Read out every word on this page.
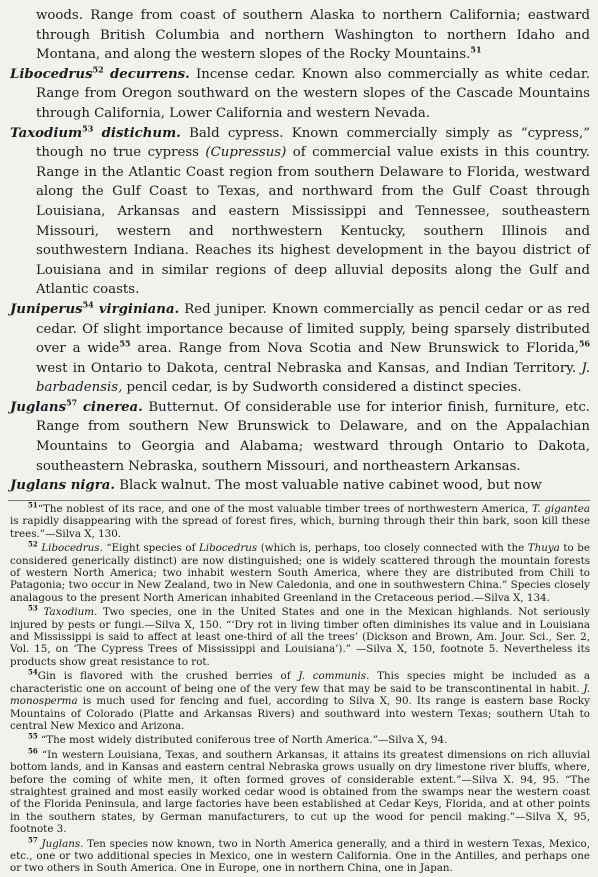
woods. Range from coast of southern Alaska to northern California; eastward through British Columbia and northern Washington to northern Idaho and Montana, and along the western slopes of the Rocky Mountains.$^{51}$

Libocedrus$^{52}$ decurrens. Incense cedar. Known also commercially as white cedar. Range from Oregon southward on the western slopes of the Cascade Mountains through California, Lower California and western Nevada.

Taxodium$^{53}$ distichum. Bald cypress. Known commercially simply as “cypress,” though no true cypress (Cupressus) of commercial value exists in this country. Range in the Atlantic Coast region from southern Delaware to Florida, westward along the Gulf Coast to Texas, and northward from the Gulf Coast through Louisiana, Arkansas and eastern Mississippi and Tennessee, southeastern Missouri, western and northwestern Kentucky, southern Illinois and southwestern Indiana. Reaches its highest development in the bayou district of Louisiana and in similar regions of deep alluvial deposits along the Gulf and Atlantic coasts.

Juniperus$^{54}$ virginiana. Red juniper. Known commercially as pencil cedar or as red cedar. Of slight importance because of limited supply, being sparsely distributed over a wide$^{55}$ area. Range from Nova Scotia and New Brunswick to Florida,$^{56}$ west in Ontario to Dakota, central Nebraska and Kansas, and Indian Territory. J. barbadensis, pencil cedar, is by Sudworth considered a distinct species.

Juglans$^{57}$ cinerea. Butternut. Of considerable use for interior finish, furniture, etc. Range from southern New Brunswick to Delaware, and on the Appalachian Mountains to Georgia and Alabama; westward through Ontario to Dakota, southeastern Nebraska, southern Missouri, and northeastern Arkansas.

Juglans nigra. Black walnut. The most valuable native cabinet wood, but now

$^{51}$“The noblest of its race, and one of the most valuable timber trees of northwestern America, T. gigantea is rapidly disappearing with the spread of forest fires, which, burning through their thin bark, soon kill these trees.”—Silva X, 130.

$^{52}$ Libocedrus. “Eight species of Libocedrus (which is, perhaps, too closely connected with the Thuya to be considered generically distinct) are now distinguished; one is widely scattered through the mountain forests of western North America; two inhabit western South America, where they are distributed from Chili to Patagonia; two occur in New Zealand, two in New Caledonia, and one in southwestern China.” Species closely analagous to the present North American inhabited Greenland in the Cretaceous period.—Silva X, 134.

$^{53}$ Taxodium. Two species, one in the United States and one in the Mexican highlands. Not seriously injured by pests or fungi.—Silva X, 150. “‘Dry rot in living timber often diminishes its value and in Louisiana and Mississippi is said to affect at least one-third of all the trees’ (Dickson and Brown, Am. Jour. Sci., Ser. 2, Vol. 15, on ‘The Cypress Trees of Mississippi and Louisiana’).” —Silva X, 150, footnote 5. Nevertheless its products show great resistance to rot.

$^{54}$Gin is flavored with the crushed berries of J. communis. This species might be included as a characteristic one on account of being one of the very few that may be said to be transcontinental in habit. J. monosperma is much used for fencing and fuel, according to Silva X, 90. Its range is eastern base Rocky Mountains of Colorado (Platte and Arkansas Rivers) and southward into western Texas; southern Utah to central New Mexico and Arizona.

$^{55}$ “The most widely distributed coniferous tree of North America.”—Silva X, 94.

$^{56}$ “In western Louisiana, Texas, and southern Arkansas, it attains its greatest dimensions on rich alluvial bottom lands, and in Kansas and eastern central Nebraska grows usually on dry limestone river bluffs, where, before the coming of white men, it often formed groves of considerable extent.”—Silva X. 94, 95. “The straightest grained and most easily worked cedar wood is obtained from the swamps near the western coast of the Florida Peninsula, and large factories have been established at Cedar Keys, Florida, and at other points in the southern states, by German manufacturers, to cut up the wood for pencil making.”—Silva X, 95, footnote 3.

$^{57}$ Juglans. Ten species now known, two in North America generally, and a third in western Texas, Mexico, etc., one or two additional species in Mexico, one in western California. One in the Antilles, and perhaps one or two others in South America. One in Europe, one in northern China, one in Japan.
